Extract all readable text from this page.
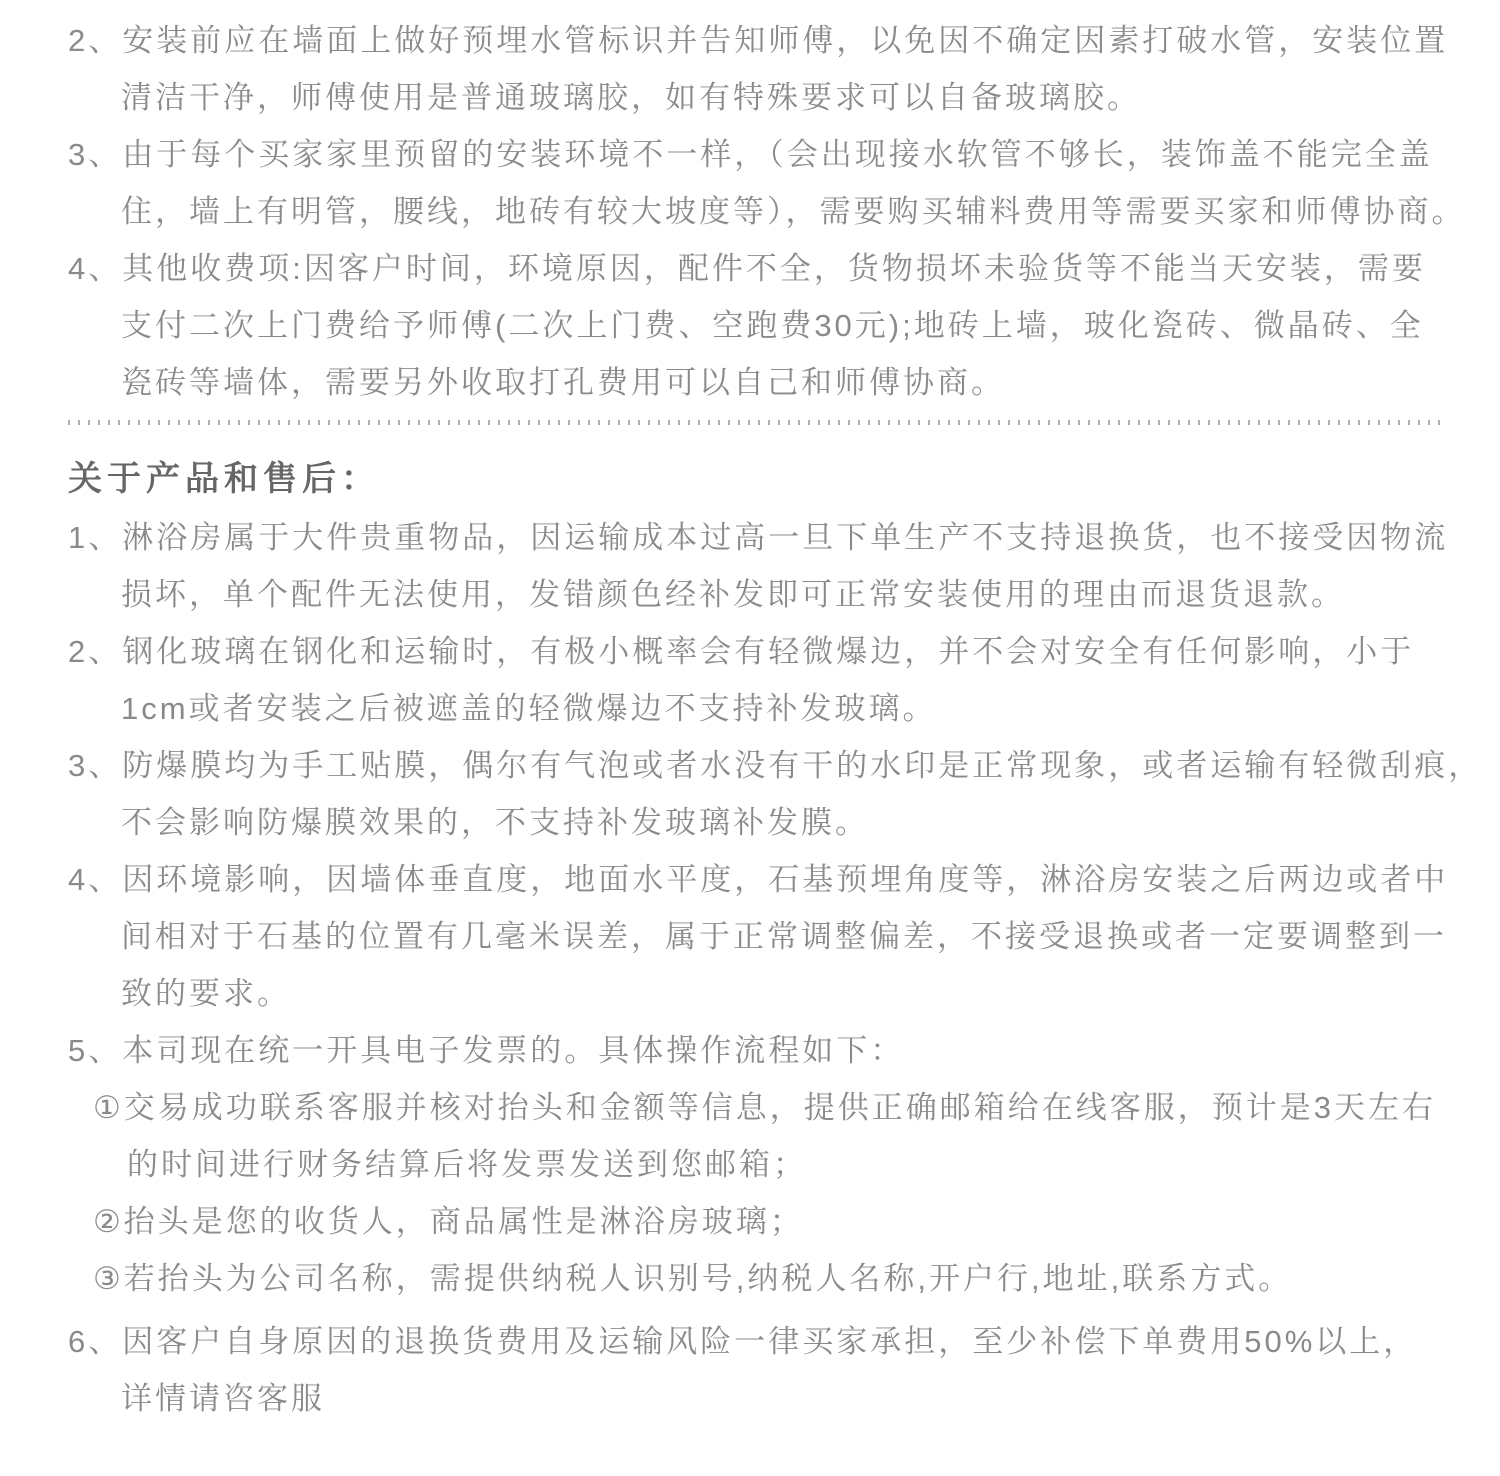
2、安装前应在墙面上做好预埋水管标识并告知师傅，以免因不确定因素打破水管，安装位置
清洁干净，师傅使用是普通玻璃胶，如有特殊要求可以自备玻璃胶。
3、由于每个买家家里预留的安装环境不一样，（会出现接水软管不够长，装饰盖不能完全盖
住，墙上有明管，腰线，地砖有较大坡度等），需要购买辅料费用等需要买家和师傅协商。
4、其他收费项:因客户时间，环境原因，配件不全，货物损坏未验货等不能当天安装，需要
支付二次上门费给予师傅(二次上门费、空跑费30元);地砖上墙，玻化瓷砖、微晶砖、全
瓷砖等墙体，需要另外收取打孔费用可以自己和师傅协商。
关于产品和售后：
1、淋浴房属于大件贵重物品，因运输成本过高一旦下单生产不支持退换货，也不接受因物流
损坏，单个配件无法使用，发错颜色经补发即可正常安装使用的理由而退货退款。
2、钢化玻璃在钢化和运输时，有极小概率会有轻微爆边，并不会对安全有任何影响，小于
1cm或者安装之后被遮盖的轻微爆边不支持补发玻璃。
3、防爆膜均为手工贴膜，偶尔有气泡或者水没有干的水印是正常现象，或者运输有轻微刮痕，
不会影响防爆膜效果的，不支持补发玻璃补发膜。
4、因环境影响，因墙体垂直度，地面水平度，石基预埋角度等，淋浴房安装之后两边或者中
间相对于石基的位置有几毫米误差，属于正常调整偏差，不接受退换或者一定要调整到一
致的要求。
5、本司现在统一开具电子发票的。具体操作流程如下：
①交易成功联系客服并核对抬头和金额等信息，提供正确邮箱给在线客服，预计是3天左右
的时间进行财务结算后将发票发送到您邮箱；
②抬头是您的收货人，商品属性是淋浴房玻璃；
③若抬头为公司名称，需提供纳税人识别号,纳税人名称,开户行,地址,联系方式。
6、因客户自身原因的退换货费用及运输风险一律买家承担，至少补偿下单费用50%以上，
详情请咨客服
